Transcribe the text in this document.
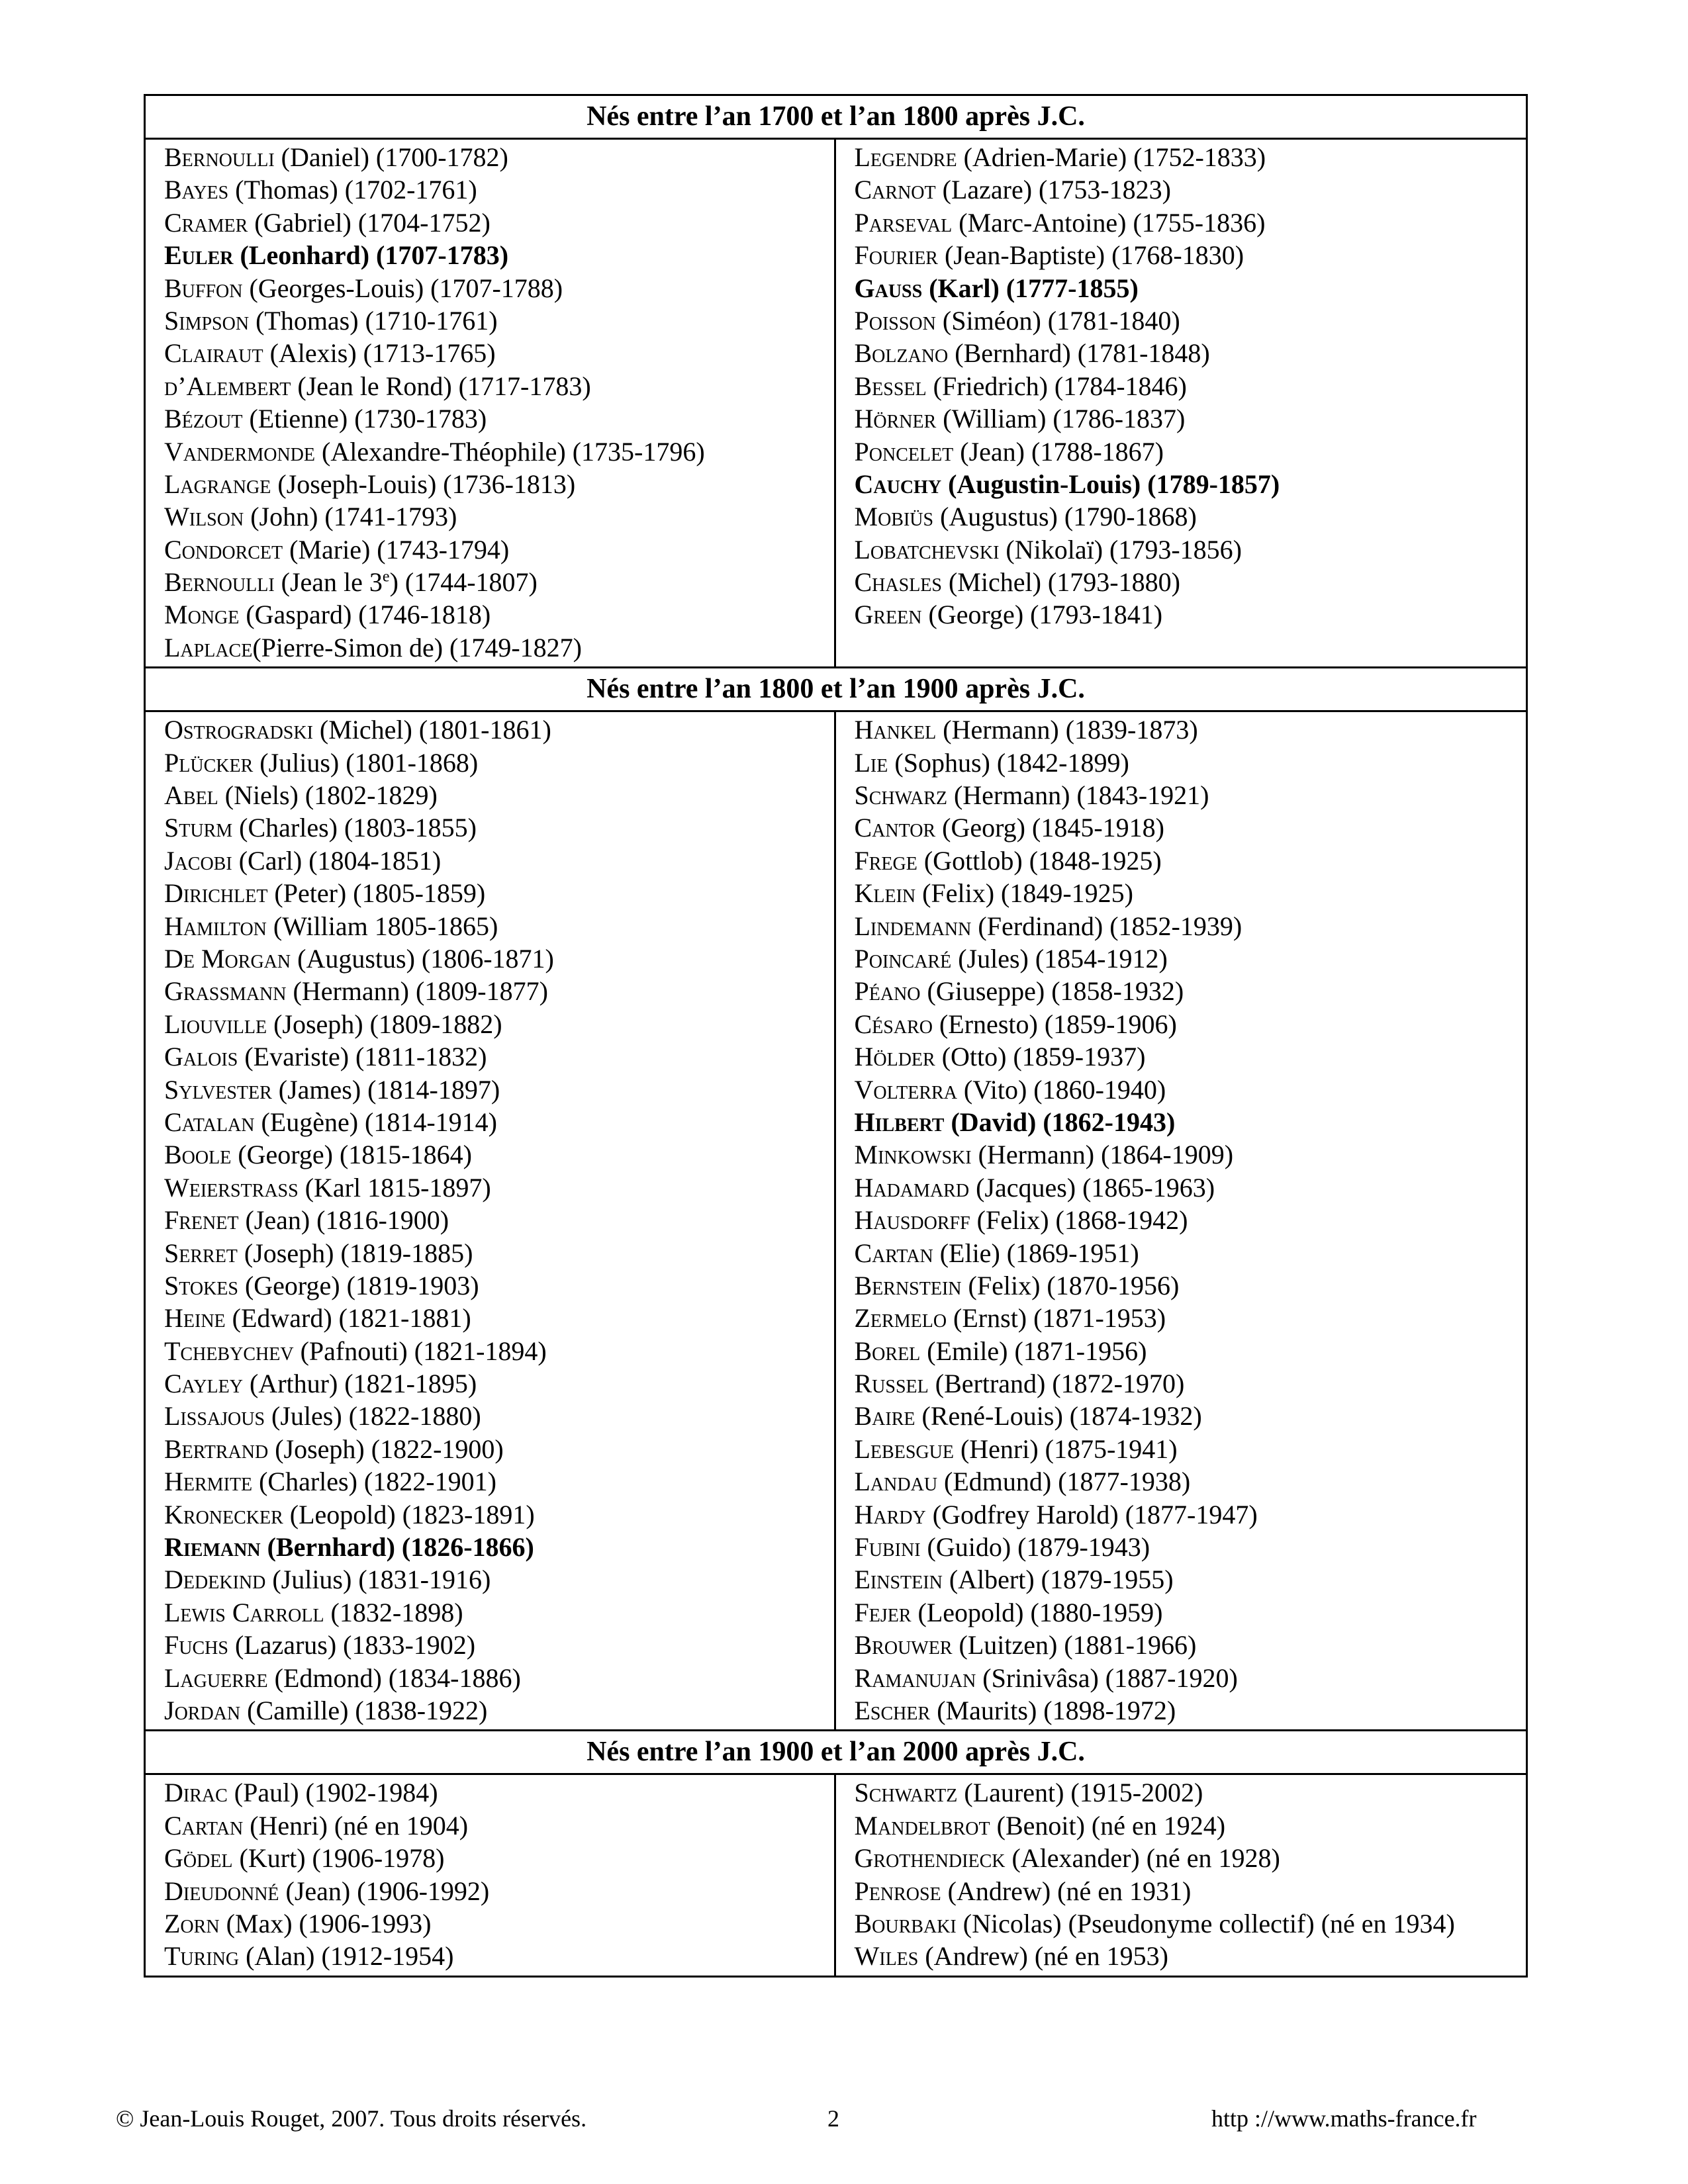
Nés entre l’an 1700 et l’an 1800 après J.C.
Bernoulli (Daniel) (1700-1782)
Bayes (Thomas) (1702-1761)
Cramer (Gabriel) (1704-1752)
Euler (Leonhard) (1707-1783)
Buffon (Georges-Louis) (1707-1788)
Simpson (Thomas) (1710-1761)
Clairaut (Alexis) (1713-1765)
d’Alembert (Jean le Rond) (1717-1783)
Bézout (Etienne) (1730-1783)
Vandermonde (Alexandre-Théophile) (1735-1796)
Lagrange (Joseph-Louis) (1736-1813)
Wilson (John) (1741-1793)
Condorcet (Marie) (1743-1794)
Bernoulli (Jean le 3e) (1744-1807)
Monge (Gaspard) (1746-1818)
Laplace(Pierre-Simon de) (1749-1827)
Legendre (Adrien-Marie) (1752-1833)
Carnot (Lazare) (1753-1823)
Parseval (Marc-Antoine) (1755-1836)
Fourier (Jean-Baptiste) (1768-1830)
Gauss (Karl) (1777-1855)
Poisson (Siméon) (1781-1840)
Bolzano (Bernhard) (1781-1848)
Bessel (Friedrich) (1784-1846)
Hörner (William) (1786-1837)
Poncelet (Jean) (1788-1867)
Cauchy (Augustin-Louis) (1789-1857)
Mobiüs (Augustus) (1790-1868)
Lobatchevski (Nikolaï) (1793-1856)
Chasles (Michel) (1793-1880)
Green (George) (1793-1841)
Nés entre l’an 1800 et l’an 1900 après J.C.
Ostrogradski (Michel) (1801-1861)
Plücker (Julius) (1801-1868)
Abel (Niels) (1802-1829)
Sturm (Charles) (1803-1855)
Jacobi (Carl) (1804-1851)
Dirichlet (Peter) (1805-1859)
Hamilton (William 1805-1865)
De Morgan (Augustus) (1806-1871)
Grassmann (Hermann) (1809-1877)
Liouville (Joseph) (1809-1882)
Galois (Evariste) (1811-1832)
Sylvester (James) (1814-1897)
Catalan (Eugène) (1814-1914)
Boole (George) (1815-1864)
Weierstrass (Karl 1815-1897)
Frenet (Jean) (1816-1900)
Serret (Joseph) (1819-1885)
Stokes (George) (1819-1903)
Heine (Edward) (1821-1881)
Tchebychev (Pafnouti) (1821-1894)
Cayley (Arthur) (1821-1895)
Lissajous (Jules) (1822-1880)
Bertrand (Joseph) (1822-1900)
Hermite (Charles) (1822-1901)
Kronecker (Leopold) (1823-1891)
Riemann (Bernhard) (1826-1866)
Dedekind (Julius) (1831-1916)
Lewis Carroll (1832-1898)
Fuchs (Lazarus) (1833-1902)
Laguerre (Edmond) (1834-1886)
Jordan (Camille) (1838-1922)
Hankel (Hermann) (1839-1873)
Lie (Sophus) (1842-1899)
Schwarz (Hermann) (1843-1921)
Cantor (Georg) (1845-1918)
Frege (Gottlob) (1848-1925)
Klein (Felix) (1849-1925)
Lindemann (Ferdinand) (1852-1939)
Poincaré (Jules) (1854-1912)
Péano (Giuseppe) (1858-1932)
Césaro (Ernesto) (1859-1906)
Hölder (Otto) (1859-1937)
Volterra (Vito) (1860-1940)
Hilbert (David) (1862-1943)
Minkowski (Hermann) (1864-1909)
Hadamard (Jacques) (1865-1963)
Hausdorff (Felix) (1868-1942)
Cartan (Elie) (1869-1951)
Bernstein (Felix) (1870-1956)
Zermelo (Ernst) (1871-1953)
Borel (Emile) (1871-1956)
Russel (Bertrand) (1872-1970)
Baire (René-Louis) (1874-1932)
Lebesgue (Henri) (1875-1941)
Landau (Edmund) (1877-1938)
Hardy (Godfrey Harold) (1877-1947)
Fubini (Guido) (1879-1943)
Einstein (Albert) (1879-1955)
Fejer (Leopold) (1880-1959)
Brouwer (Luitzen) (1881-1966)
Ramanujan (Srinivâsa) (1887-1920)
Escher (Maurits) (1898-1972)
Nés entre l’an 1900 et l’an 2000 après J.C.
Dirac (Paul) (1902-1984)
Cartan (Henri) (né en 1904)
Gödel (Kurt) (1906-1978)
Dieudonné (Jean) (1906-1992)
Zorn (Max) (1906-1993)
Turing (Alan) (1912-1954)
Schwartz (Laurent) (1915-2002)
Mandelbrot (Benoit) (né en 1924)
Grothendieck (Alexander) (né en 1928)
Penrose (Andrew) (né en 1931)
Bourbaki (Nicolas) (Pseudonyme collectif) (né en 1934)
Wiles (Andrew) (né en 1953)
© Jean-Louis Rouget, 2007. Tous droits réservés.	2	http ://www.maths-france.fr
